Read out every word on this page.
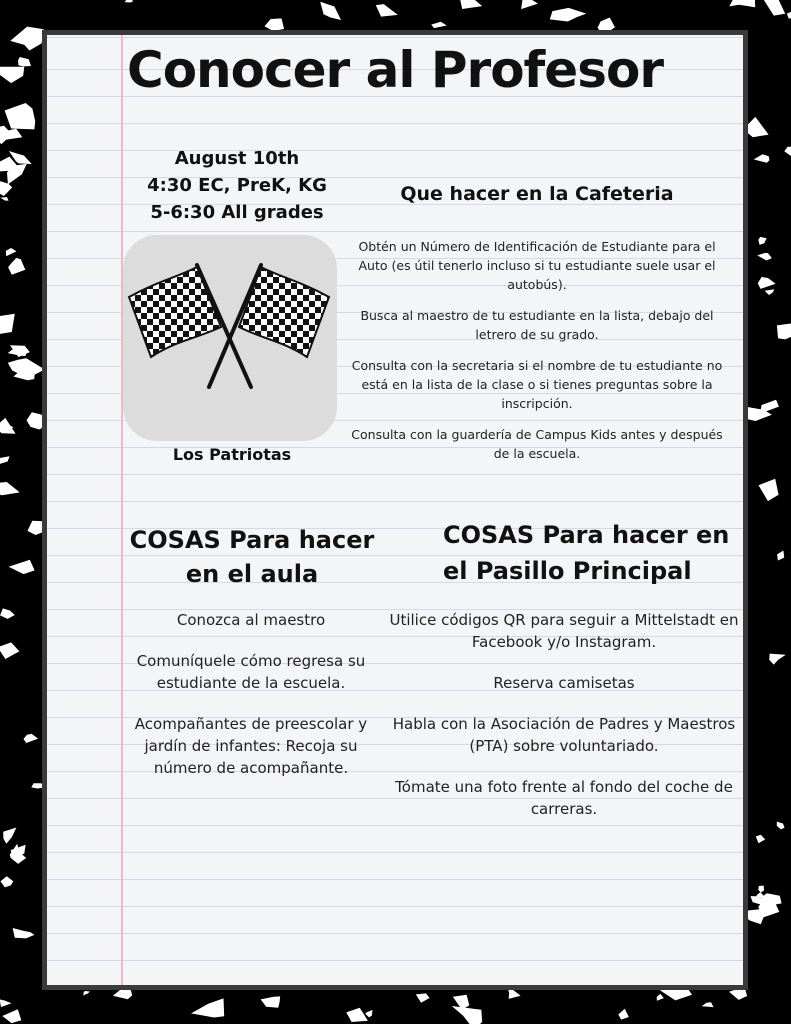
Conocer al Profesor
August 10th
4:30 EC, PreK, KG
5-6:30 All grades
Los Patriotas
Que hacer en la Cafeteria
Obtén un Número de Identificación de Estudiante para el Auto (es útil tenerlo incluso si tu estudiante suele usar el autobús).
Busca al maestro de tu estudiante en la lista, debajo del letrero de su grado.
Consulta con la secretaria si el nombre de tu estudiante no está en la lista de la clase o si tienes preguntas sobre la inscripción.
Consulta con la guardería de Campus Kids antes y después de la escuela.
COSAS Para hacer
en el aula
Conozca al maestro
Comuníquele cómo regresa su estudiante de la escuela.
Acompañantes de preescolar y jardín de infantes: Recoja su número de acompañante.
COSAS Para hacer en
el Pasillo Principal
Utilice códigos QR para seguir a Mittelstadt en Facebook y/o Instagram.
Reserva camisetas
Habla con la Asociación de Padres y Maestros (PTA) sobre voluntariado.
Tómate una foto frente al fondo del coche de carreras.
